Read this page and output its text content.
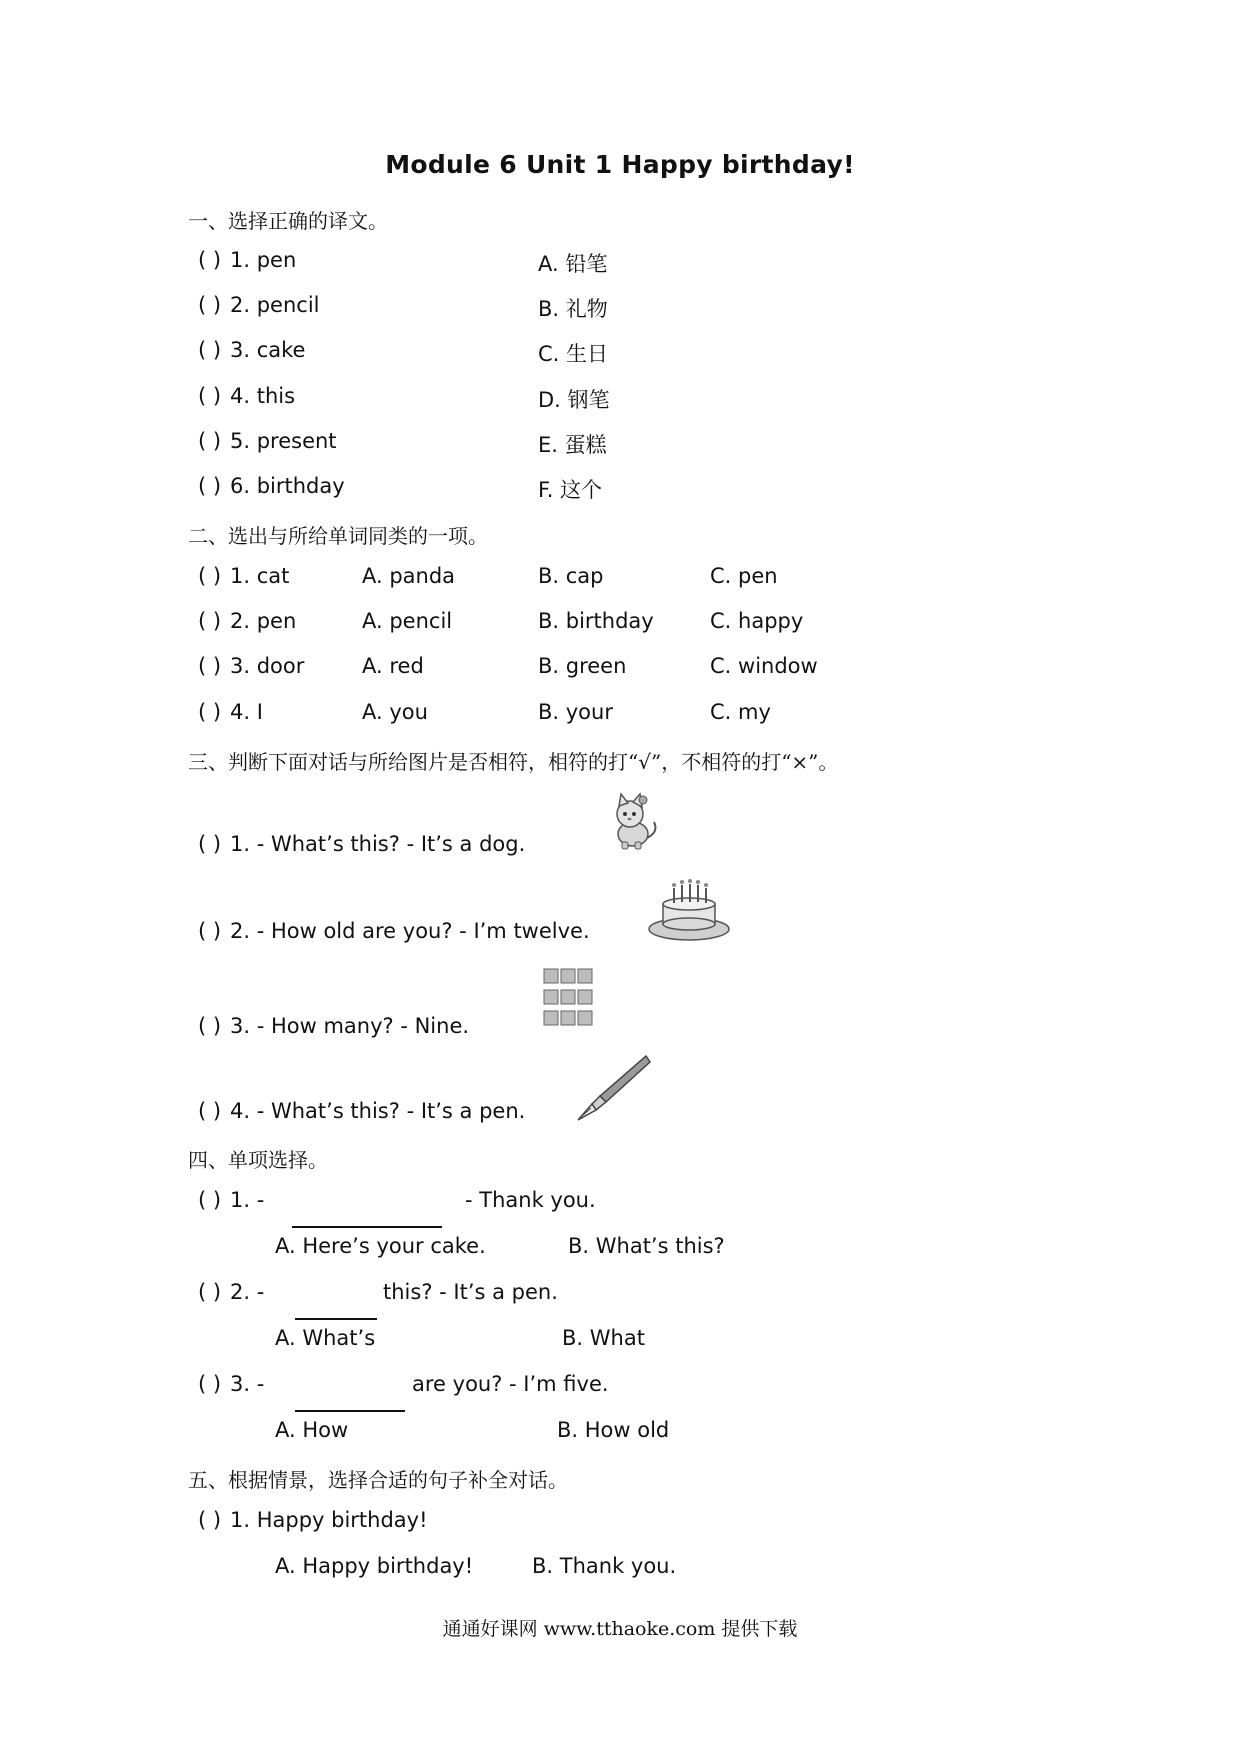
Module 6 Unit 1 Happy birthday!
一、选择正确的译文。
( ) 1. pen	A. 铅笔
( ) 2. pencil	B. 礼物
( ) 3. cake	C. 生日
( ) 4. this	D. 钢笔
( ) 5. present	E. 蛋糕
( ) 6. birthday	F. 这个
二、选出与所给单词同类的一项。
( ) 1. cat	A. panda	B. cap	C. pen
( ) 2. pen	A. pencil	B. birthday	C. happy
( ) 3. door	A. red	B. green	C. window
( ) 4. I	A. you	B. your	C. my
三、判断下面对话与所给图片是否相符，相符的打“√”，不相符的打“×”。
( ) 1. - What’s this? - It’s a dog.
( ) 2. - How old are you? - I’m twelve.
( ) 3. - How many? - Nine.
( ) 4. - What’s this? - It’s a pen.
四、单项选择。
( ) 1. -	- Thank you.
A. Here’s your cake.	B. What’s this?
( ) 2. -	this? - It’s a pen.
A. What’s	B. What
( ) 3. -	are you? - I’m five.
A. How	B. How old
五、根据情景，选择合适的句子补全对话。
( ) 1. Happy birthday!
A. Happy birthday!	B. Thank you.
通通好课网 www.tthaoke.com 提供下载
